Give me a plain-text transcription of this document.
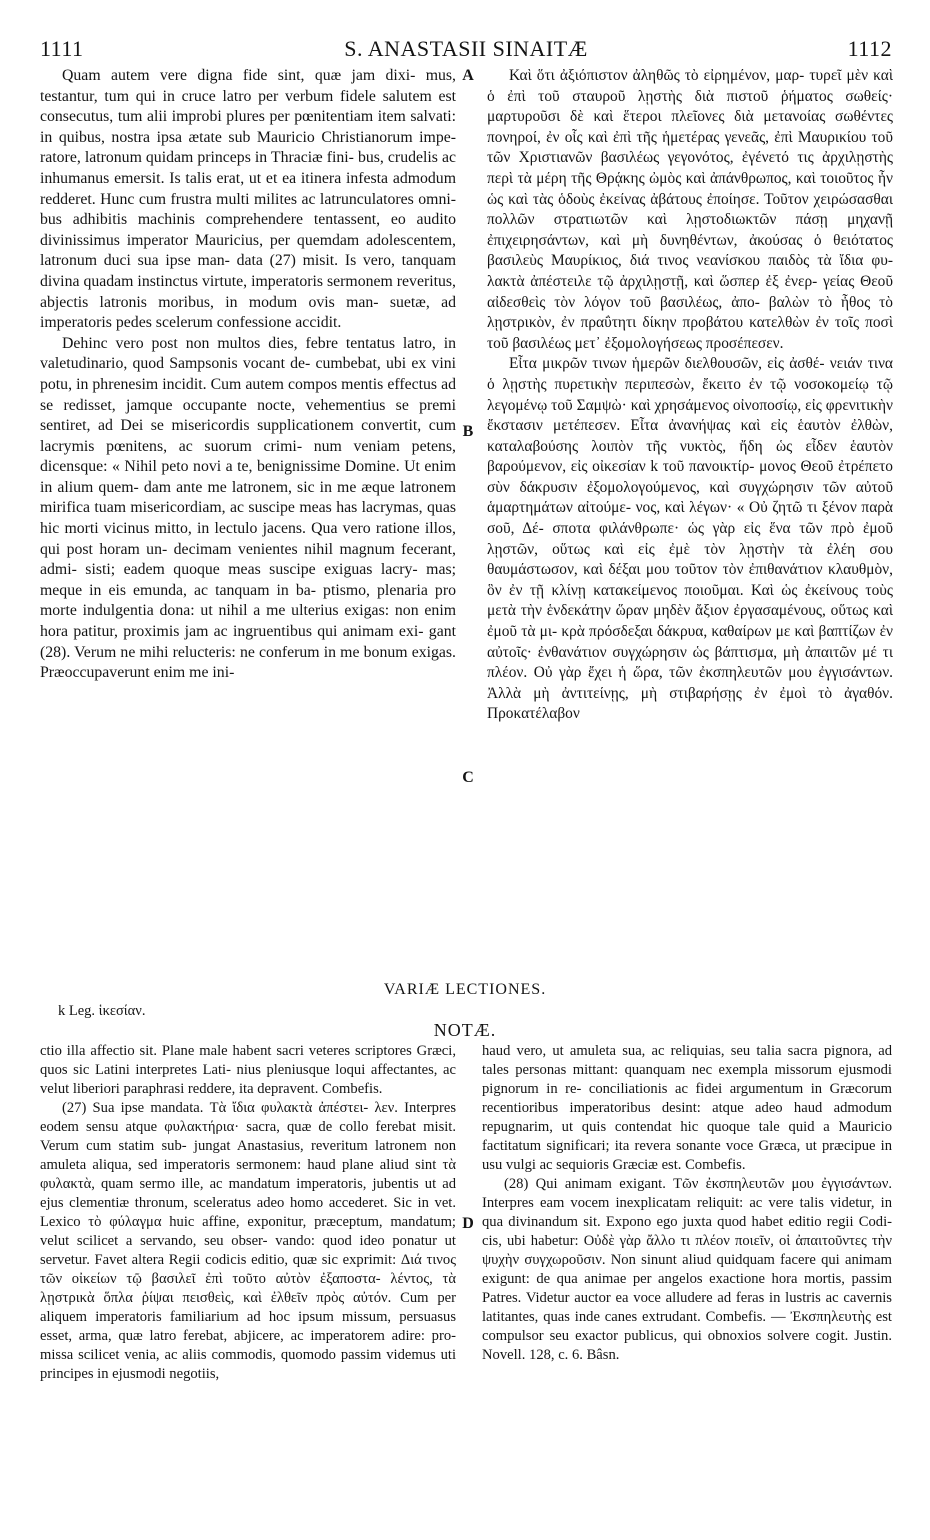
1111	S. ANASTASII SINAITÆ	1112

Quam autem vere digna fide sint, quæ jam dixi- mus, testantur, tum qui in cruce latro per verbum fidele salutem est consecutus, tum alii improbi plures per pœnitentiam item salvati: in quibus, nostra ipsa ætate sub Mauricio Christianorum impe- ratore, latronum quidam princeps in Thraciæ fini- bus, crudelis ac inhumanus emersit. Is talis erat, ut et ea itinera infesta admodum redderet. Hunc cum frustra multi milites ac latrunculatores omni- bus adhibitis machinis comprehendere tentassent, eo audito divinissimus imperator Mauricius, per quemdam adolescentem, latronum duci sua ipse man- data (27) misit. Is vero, tanquam divina quadam instinctus virtute, imperatoris sermonem reveritus, abjectis latronis moribus, in modum ovis man- suetæ, ad imperatoris pedes scelerum confessione accidit.

Dehinc vero post non multos dies, febre tentatus latro, in valetudinario, quod Sampsonis vocant de- cumbebat, ubi ex vini potu, in phrenesim incidit. Cum autem compos mentis effectus ad se redisset, jamque occupante nocte, vehementius se premi sentiret, ad Dei se misericordis supplicationem convertit, cum lacrymis pœnitens, ac suorum crimi- num veniam petens, dicensque: « Nihil peto novi a te, benignissime Domine. Ut enim in alium quem- dam ante me latronem, sic in me æque latronem mirifica tuam misericordiam, ac suscipe meas has lacrymas, quas hic morti vicinus mitto, in lectulo jacens. Qua vero ratione illos, qui post horam un- decimam venientes nihil magnum fecerant, admi- sisti; eadem quoque meas suscipe exiguas lacry- mas; meque in eis emunda, ac tanquam in ba- ptismo, plenaria pro morte indulgentia dona: ut nihil a me ulterius exigas: non enim hora patitur, proximis jam ac ingruentibus qui animam exi- gant (28). Verum ne mihi relucteris: ne conferum in me bonum exigas. Præoccupaverunt enim me ini-

A
B
C
D

Καὶ ὅτι ἀξιόπιστον ἀληθῶς τὸ εἰρημένον, μαρ- τυρεῖ μὲν καὶ ὁ ἐπὶ τοῦ σταυροῦ λῃστὴς διὰ πιστοῦ ῥήματος σωθείς· μαρτυροῦσι δὲ καὶ ἕτεροι πλεῖονες διὰ μετανοίας σωθέντες πονηροί, ἐν οἷς καὶ ἐπὶ τῆς ἡμετέρας γενεᾶς, ἐπὶ Μαυρικίου τοῦ τῶν Χριστιανῶν βασιλέως γεγονότος, ἐγένετό τις ἀρχιλῃστὴς περὶ τὰ μέρη τῆς Θρᾴκης ὠμὸς καὶ ἀπάνθρωπος, καὶ τοιοῦτος ἦν ὡς καὶ τὰς ὁδοὺς ἐκείνας ἀβάτους ἐποίησε. Τοῦτον χειρώσασθαι πολλῶν στρατιωτῶν καὶ λῃστοδιωκτῶν πάσῃ μηχανῇ ἐπιχειρησάντων, καὶ μὴ δυνηθέντων, ἀκούσας ὁ θειότατος βασιλεὺς Μαυρίκιος, διά τινος νεανίσκου παιδὸς τὰ ἴδια φυ- λακτὰ ἀπέστειλε τῷ ἀρχιλῃστῇ, καὶ ὥσπερ ἐξ ἐνερ- γείας Θεοῦ αἰδεσθεὶς τὸν λόγον τοῦ βασιλέως, ἀπο- βαλὼν τὸ ἦθος τὸ λῃστρικὸν, ἐν πραΰτητι δίκην προβάτου κατελθὼν ἐν τοῖς ποσὶ τοῦ βασιλέως μετ᾽ ἐξομολογήσεως προσέπεσεν.

Εἶτα μικρῶν τινων ἡμερῶν διελθουσῶν, εἰς ἀσθέ- νειάν τινα ὁ λῃστὴς πυρετικὴν περιπεσὼν, ἔκειτο ἐν τῷ νοσοκομείῳ τῷ λεγομένῳ τοῦ Σαμψὼ· καὶ χρησάμενος οἰνοποσίῳ, εἰς φρενιτικὴν ἔκστασιν μετέπεσεν. Εἶτα ἀνανήψας καὶ εἰς ἑαυτὸν ἐλθὼν, καταλαβούσης λοιπὸν τῆς νυκτὸς, ἤδη ὡς εἶδεν ἑαυτὸν βαρούμενον, εἰς οἰκεσίαν k τοῦ πανοικτίρ- μονος Θεοῦ ἐτρέπετο σὺν δάκρυσιν ἐξομολογούμενος, καὶ συγχώρησιν τῶν αὐτοῦ ἁμαρτημάτων αἰτούμε- νος, καὶ λέγων· « Οὐ ζητῶ τι ξένον παρὰ σοῦ, Δέ- σποτα φιλάνθρωπε· ὡς γὰρ εἰς ἕνα τῶν πρὸ ἐμοῦ λῃστῶν, οὕτως καὶ εἰς ἐμὲ τὸν λῃστὴν τὰ ἐλέη σου θαυμάστωσον, καὶ δέξαι μου τοῦτον τὸν ἐπιθανάτιον κλαυθμὸν, ὃν ἐν τῇ κλίνῃ κατακείμενος ποιοῦμαι. Καὶ ὡς ἐκείνους τοὺς μετὰ τὴν ἑνδεκάτην ὥραν μηδὲν ἄξιον ἐργασαμένους, οὕτως καὶ ἐμοῦ τὰ μι- κρὰ πρόσδεξαι δάκρυα, καθαίρων με καὶ βαπτίζων ἐν αὐτοῖς· ἐνθανάτιον συγχώρησιν ὡς βάπτισμα, μὴ ἀπαιτῶν μέ τι πλέον. Οὐ γὰρ ἔχει ἡ ὥρα, τῶν ἐκσπηλευτῶν μου ἐγγισάντων. Ἀλλὰ μὴ ἀντιτείνῃς, μὴ στιβαρήσῃς ἐν ἐμοὶ τὸ ἀγαθόν. Προκατέλαβον

VARIÆ LECTIONES.
k Leg. ἱκεσίαν.
NOTÆ.

ctio illa affectio sit. Plane male habent sacri veteres scriptores Græci, quos sic Latini interpretes Lati- nius pleniusque loqui affectantes, ac velut liberiori paraphrasi reddere, ita depravent. Combefis.

(27) Sua ipse mandata. Τὰ ἴδια φυλακτὰ ἀπέστει- λεν. Interpres eodem sensu atque φυλακτήρια· sacra, quæ de collo ferebat misit. Verum cum statim sub- jungat Anastasius, reveritum latronem non amuleta aliqua, sed imperatoris sermonem: haud plane aliud sint τὰ φυλακτὰ, quam sermo ille, ac mandatum imperatoris, jubentis ut ad ejus clementiæ thronum, sceleratus adeo homo accederet. Sic in vet. Lexico τὸ φύλαγμα huic affine, exponitur, præceptum, mandatum; velut scilicet a servando, seu obser- vando: quod ideo ponatur ut servetur. Favet altera Regii codicis editio, quæ sic exprimit: Διά τινος τῶν οἰκείων τῷ βασιλεῖ ἐπὶ τοῦτο αὐτὸν ἐξαποστα- λέντος, τὰ λῃστρικὰ ὅπλα ῥίψαι πεισθεὶς, καὶ ἐλθεῖν πρὸς αὐτόν. Cum per aliquem imperatoris familiarium ad hoc ipsum missum, persuasus esset, arma, quæ latro ferebat, abjicere, ac imperatorem adire: pro- missa scilicet venia, ac aliis commodis, quomodo passim videmus uti principes in ejusmodi negotiis,

haud vero, ut amuleta sua, ac reliquias, seu talia sacra pignora, ad tales personas mittant: quanquam nec exempla missorum ejusmodi pignorum in re- conciliationis ac fidei argumentum in Græcorum recentioribus imperatoribus desint: atque adeo haud admodum repugnarim, ut quis contendat hic quoque tale quid a Mauricio factitatum significari; ita revera sonante voce Græca, ut præcipue in usu vulgi ac sequioris Græciæ est. Combefis.

(28) Qui animam exigant. Τῶν ἐκσπηλευτῶν μου ἐγγισάντων. Interpres eam vocem inexplicatam reliquit: ac vere talis videtur, in qua divinandum sit. Expono ego juxta quod habet editio regii Codi- cis, ubi habetur: Οὐδὲ γὰρ ἄλλο τι πλέον ποιεῖν, οἱ ἀπαιτοῦντες τὴν ψυχὴν συγχωροῦσιν. Non sinunt aliud quidquam facere qui animam exigunt: de qua animae per angelos exactione hora mortis, passim Patres. Videtur auctor ea voce alludere ad feras in lustris ac cavernis latitantes, quas inde canes extrudant. Combefis. — Ἐκσπηλευτὴς est compulsor seu exactor publicus, qui obnoxios solvere cogit. Justin. Novell. 128, c. 6. Bâsn.
